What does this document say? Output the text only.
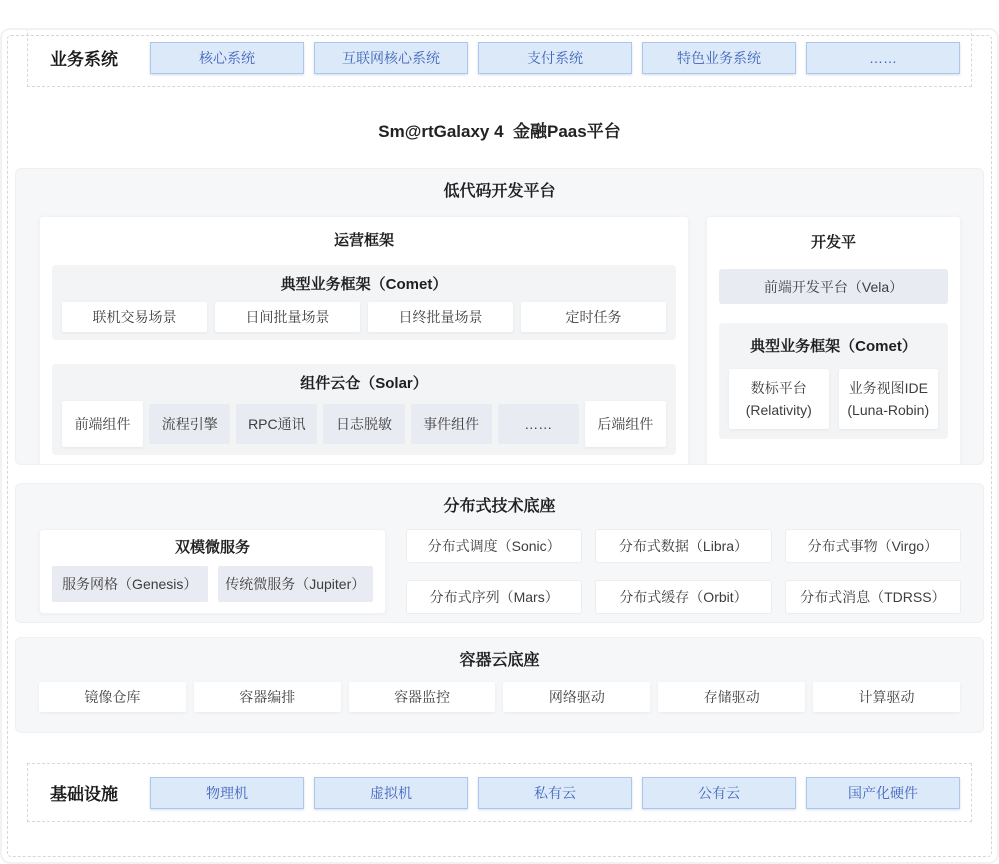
业务系统	核心系统	互联网核心系统	支付系统	特色业务系统	……
Sm@rtGalaxy 4  金融Paas平台
低代码开发平台
运营框架
典型业务框架（Comet）
联机交易场景	日间批量场景	日终批量场景	定时任务
组件云仓（Solar）
前端组件	流程引擎	RPC通讯	日志脱敏	事件组件	……	后端组件
开发平
前端开发平台（Vela）
典型业务框架（Comet）
数标平台
(Relativity)
业务视图IDE
(Luna-Robin)
分布式技术底座
双模微服务
服务网格（Genesis）	传统微服务（Jupiter）
分布式调度（Sonic）	分布式数据（Libra）	分布式事物（Virgo）
分布式序列（Mars）	分布式缓存（Orbit）	分布式消息（TDRSS）
容器云底座
镜像仓库	容器编排	容器监控	网络驱动	存储驱动	计算驱动
基础设施	物理机	虚拟机	私有云	公有云	国产化硬件
